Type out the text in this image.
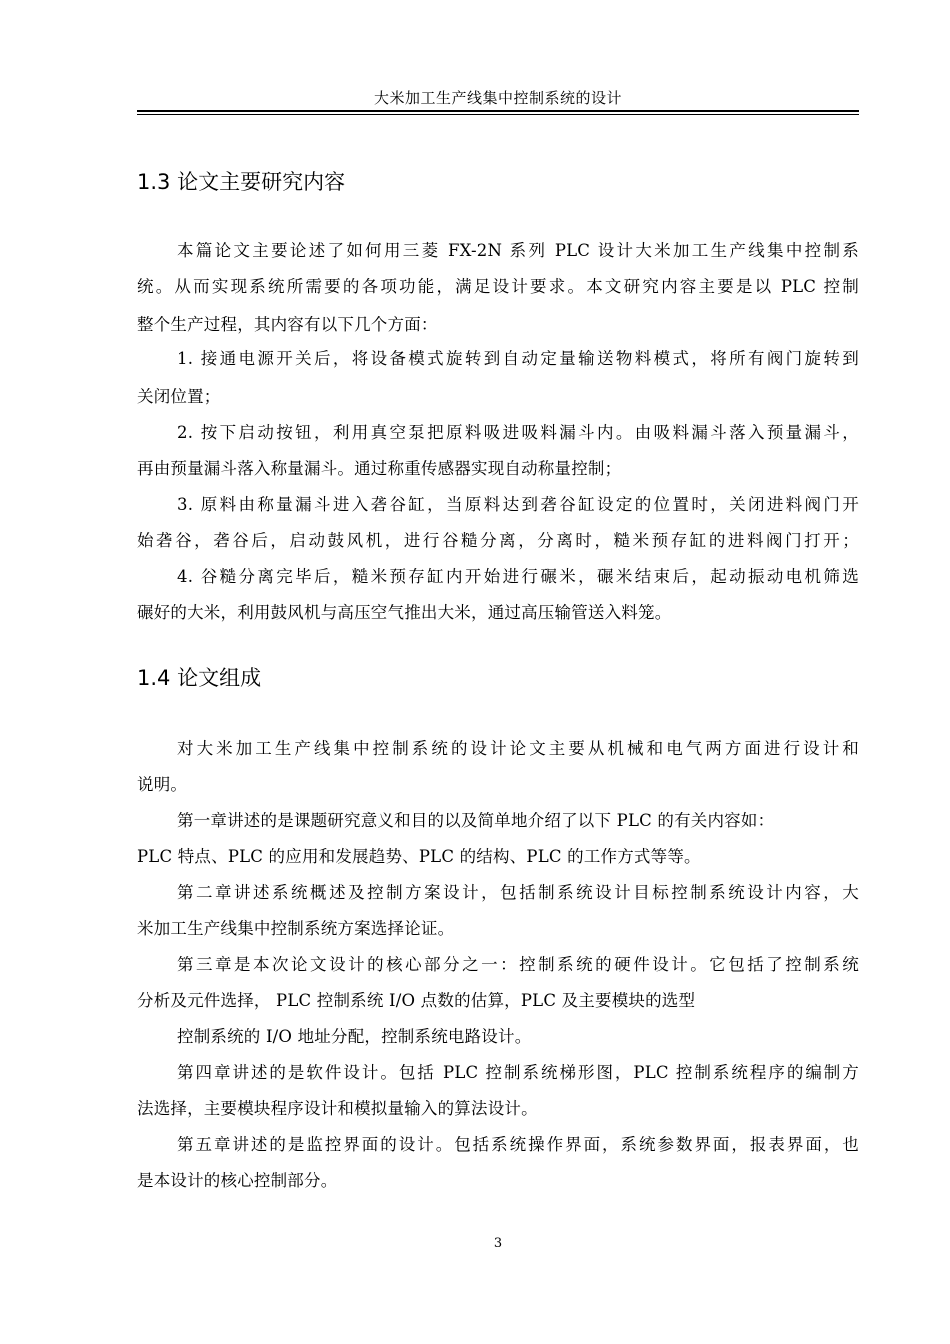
大米加工生产线集中控制系统的设计
1.3 论文主要研究内容
本篇论文主要论述了如何用三菱 FX-2N 系列 PLC 设计大米加工生产线集中控制系
统。从而实现系统所需要的各项功能，满足设计要求。本文研究内容主要是以 PLC 控制
整个生产过程，其内容有以下几个方面：
1. 接通电源开关后，将设备模式旋转到自动定量输送物料模式，将所有阀门旋转到
关闭位置；
2. 按下启动按钮，利用真空泵把原料吸进吸料漏斗内。由吸料漏斗落入预量漏斗，
再由预量漏斗落入称量漏斗。通过称重传感器实现自动称量控制；
3. 原料由称量漏斗进入砻谷缸，当原料达到砻谷缸设定的位置时，关闭进料阀门开
始砻谷，砻谷后，启动鼓风机，进行谷糙分离，分离时，糙米预存缸的进料阀门打开；
4. 谷糙分离完毕后，糙米预存缸内开始进行碾米，碾米结束后，起动振动电机筛选
碾好的大米，利用鼓风机与高压空气推出大米，通过高压输管送入料笼。
1.4 论文组成
对大米加工生产线集中控制系统的设计论文主要从机械和电气两方面进行设计和
说明。
第一章讲述的是课题研究意义和目的以及简单地介绍了以下 PLC 的有关内容如：
PLC 特点、PLC 的应用和发展趋势、PLC 的结构、PLC 的工作方式等等。
第二章讲述系统概述及控制方案设计，包括制系统设计目标控制系统设计内容，大
米加工生产线集中控制系统方案选择论证。
第三章是本次论文设计的核心部分之一：控制系统的硬件设计。它包括了控制系统
分析及元件选择， PLC 控制系统 I/O 点数的估算，PLC 及主要模块的选型
控制系统的 I/O 地址分配，控制系统电路设计。
第四章讲述的是软件设计。包括 PLC 控制系统梯形图，PLC 控制系统程序的编制方
法选择，主要模块程序设计和模拟量输入的算法设计。
第五章讲述的是监控界面的设计。包括系统操作界面，系统参数界面，报表界面，也
是本设计的核心控制部分。
3
